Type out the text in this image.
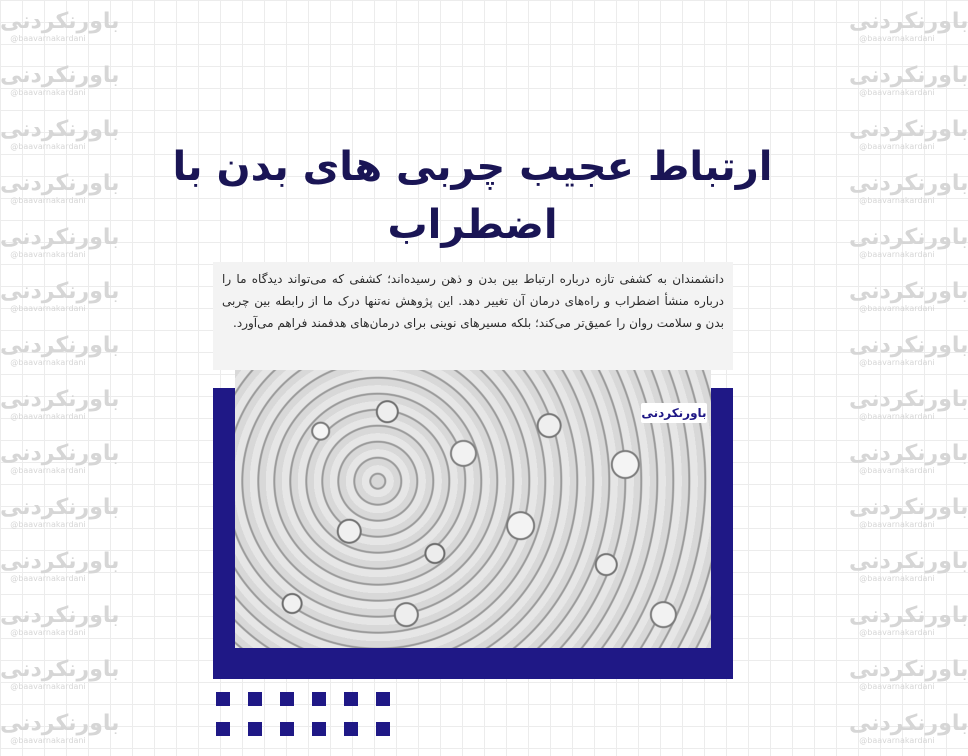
باورنکردنی
@baavarnakardani
باورنکردنی
@baavarnakardani
باورنکردنی
@baavarnakardani
باورنکردنی
@baavarnakardani
باورنکردنی
@baavarnakardani
باورنکردنی
@baavarnakardani
باورنکردنی
@baavarnakardani
باورنکردنی
@baavarnakardani
باورنکردنی
@baavarnakardani
باورنکردنی
@baavarnakardani
باورنکردنی
@baavarnakardani
باورنکردنی
@baavarnakardani
باورنکردنی
@baavarnakardani
باورنکردنی
@baavarnakardani
باورنکردنی
@baavarnakardani
باورنکردنی
@baavarnakardani
باورنکردنی
@baavarnakardani
باورنکردنی
@baavarnakardani
باورنکردنی
@baavarnakardani
باورنکردنی
@baavarnakardani
باورنکردنی
@baavarnakardani
باورنکردنی
@baavarnakardani
باورنکردنی
@baavarnakardani
باورنکردنی
@baavarnakardani
باورنکردنی
@baavarnakardani
باورنکردنی
@baavarnakardani
باورنکردنی
@baavarnakardani
باورنکردنی
@baavarnakardani
ارتباط عجیب چربی های بدن با
اضطراب

دانشمندان به کشفی تازه درباره ارتباط بین بدن و ذهن رسیده‌اند؛ کشفی که می‌تواند دیدگاه ما را درباره منشأ اضطراب و راه‌های درمان آن تغییر دهد. این پژوهش نه‌تنها درک ما از رابطه بین چربی بدن و سلامت روان را عمیق‌تر می‌کند؛ بلکه مسیرهای نوینی برای درمان‌های هدفمند فراهم می‌آورد.

باورنکردنی
